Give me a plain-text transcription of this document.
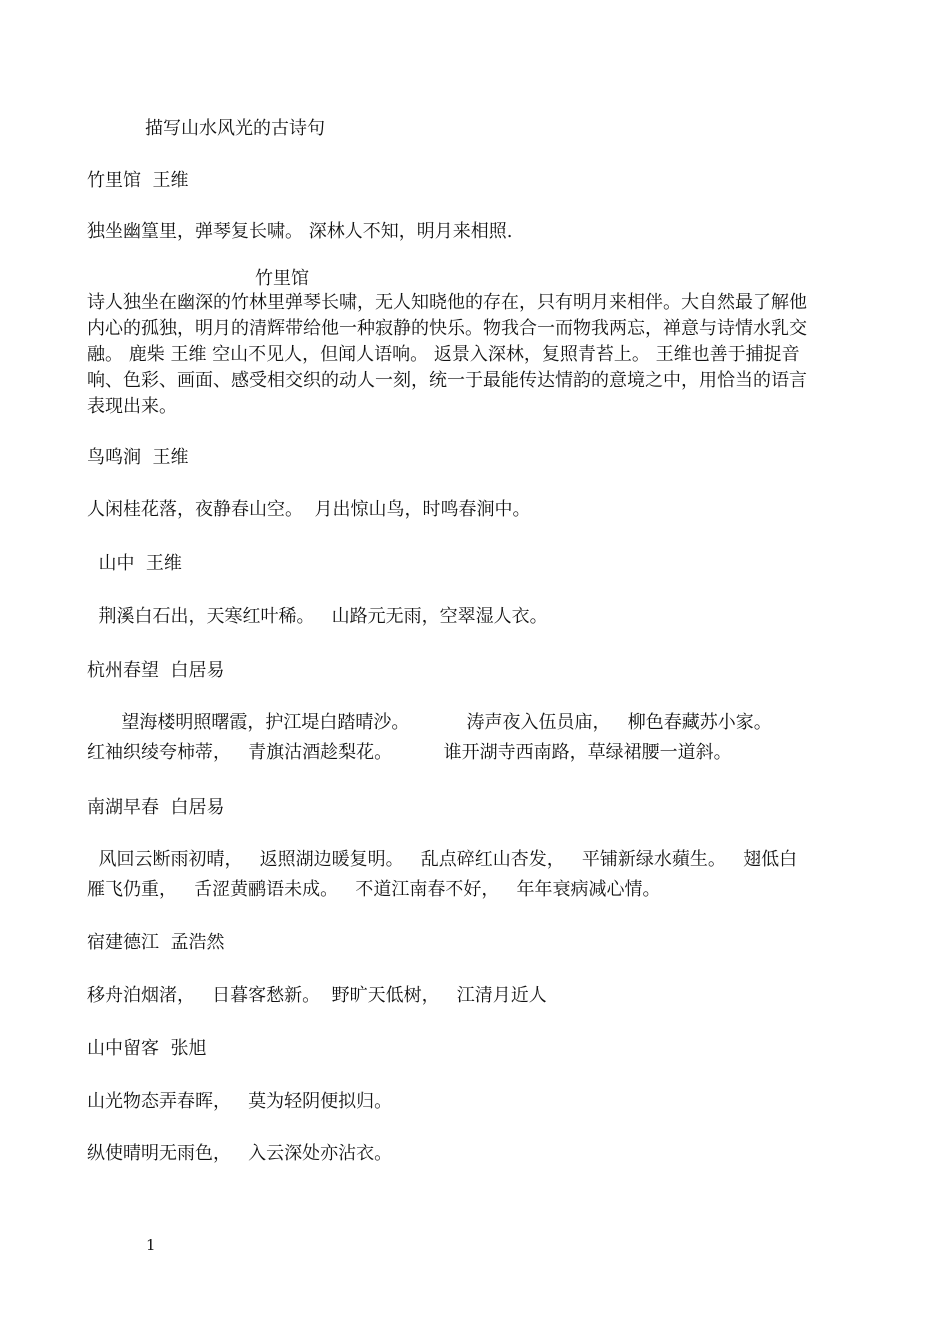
描写山水风光的古诗句
竹里馆  王维
独坐幽篁里，弹琴复长啸。 深林人不知，明月来相照.
竹里馆
诗人独坐在幽深的竹林里弹琴长啸，无人知晓他的存在，只有明月来相伴。大自然最了解他内心的孤独，明月的清辉带给他一种寂静的快乐。物我合一而物我两忘，禅意与诗情水乳交融。 鹿柴 王维 空山不见人，但闻人语响。 返景入深林，复照青苔上。 王维也善于捕捉音响、色彩、画面、感受相交织的动人一刻，统一于最能传达情韵的意境之中，用恰当的语言表现出来。
鸟鸣涧  王维
人闲桂花落，夜静春山空。  月出惊山鸟，时鸣春涧中。
山中  王维
荆溪白石出，天寒红叶稀。   山路元无雨，空翠湿人衣。
杭州春望  白居易
望海楼明照曙霞，护江堤白踏晴沙。          涛声夜入伍员庙，   柳色春藏苏小家。
红袖织绫夸柿蒂，   青旗沽酒趁梨花。         谁开湖寺西南路，草绿裙腰一道斜。
南湖早春  白居易
风回云断雨初晴，   返照湖边暖复明。   乱点碎红山杏发，   平铺新绿水蘋生。   翅低白
雁飞仍重，   舌涩黄鹂语未成。   不道江南春不好，   年年衰病减心情。
宿建德江  孟浩然
移舟泊烟渚，   日暮客愁新。  野旷天低树，   江清月近人
山中留客  张旭
山光物态弄春晖，   莫为轻阴便拟归。
纵使晴明无雨色，   入云深处亦沾衣。
1
